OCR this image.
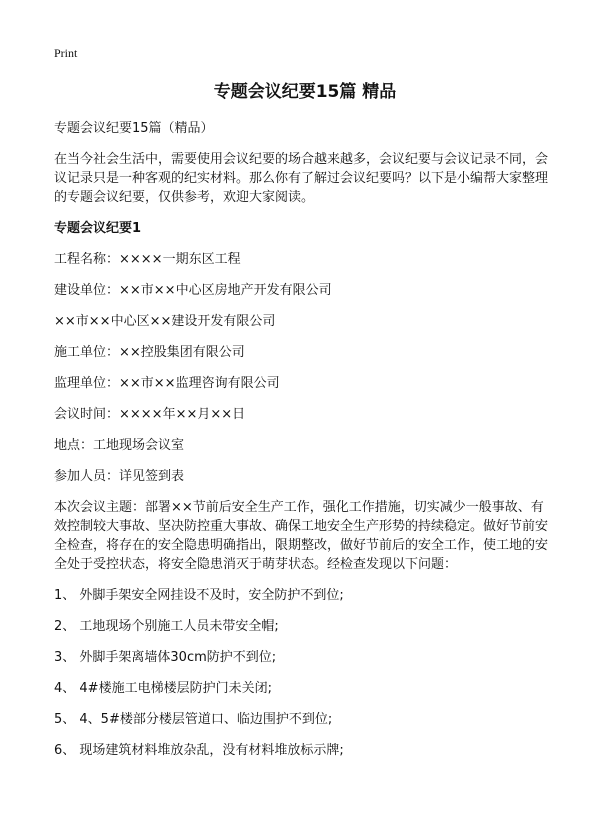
Print
专题会议纪要15篇 精品
专题会议纪要15篇（精品）
在当今社会生活中，需要使用会议纪要的场合越来越多，会议纪要与会议记录不同，会议记录只是一种客观的纪实材料。那么你有了解过会议纪要吗？以下是小编帮大家整理的专题会议纪要，仅供参考，欢迎大家阅读。
专题会议纪要1
工程名称：××××一期东区工程
建设单位：××市××中心区房地产开发有限公司
××市××中心区××建设开发有限公司
施工单位：××控股集团有限公司
监理单位：××市××监理咨询有限公司
会议时间：××××年××月××日
地点：工地现场会议室
参加人员：详见签到表
本次会议主题：部署××节前后安全生产工作，强化工作措施，切实减少一般事故、有效控制较大事故、坚决防控重大事故、确保工地安全生产形势的持续稳定。做好节前安全检查，将存在的安全隐患明确指出，限期整改，做好节前后的安全工作，使工地的安全处于受控状态，将安全隐患消灭于萌芽状态。经检查发现以下问题：
1、 外脚手架安全网挂设不及时，安全防护不到位;
2、 工地现场个别施工人员未带安全帽;
3、 外脚手架离墙体30cm防护不到位;
4、 4#楼施工电梯楼层防护门未关闭;
5、 4、5#楼部分楼层管道口、临边围护不到位;
6、 现场建筑材料堆放杂乱，没有材料堆放标示牌;
